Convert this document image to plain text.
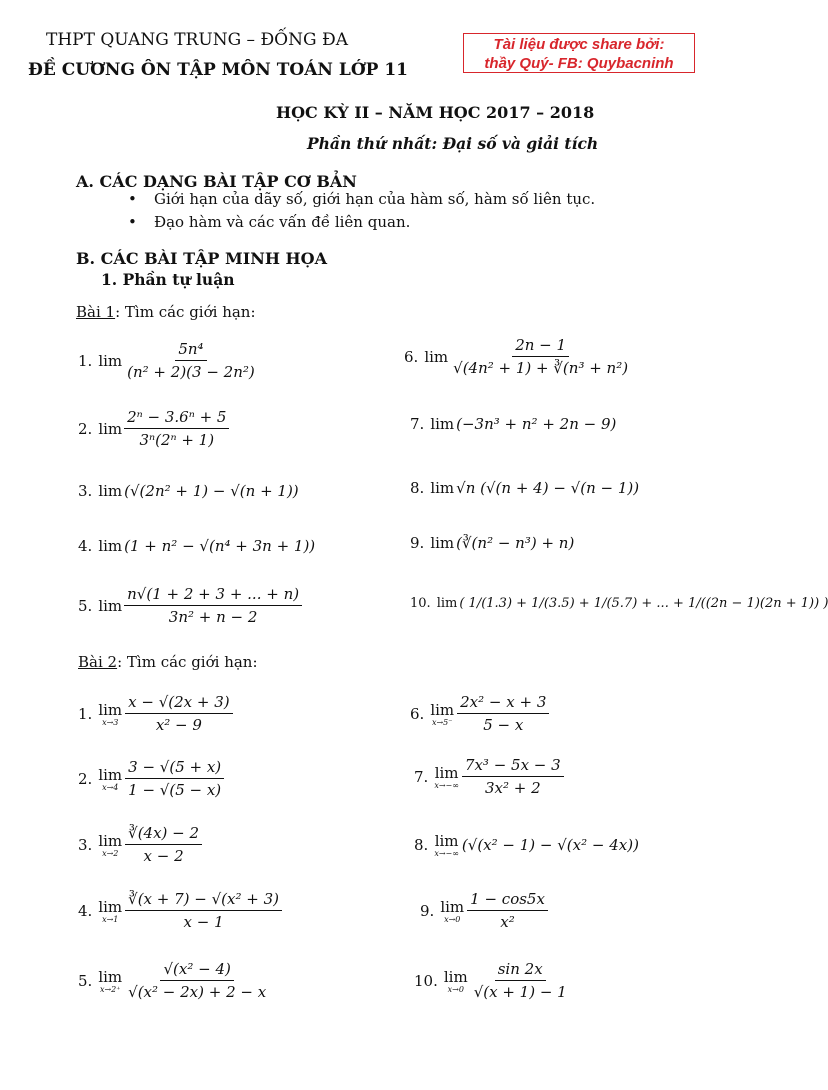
THPT QUANG TRUNG – ĐỐNG ĐA
ĐỀ CƯƠNG ÔN TẬP MÔN TOÁN LỚP 11
Tài liệu được share bởi:
thầy Quý- FB: Quybacninh
HỌC KỲ II – NĂM HỌC 2017 – 2018
Phần thứ nhất: Đại số và giải tích
A. CÁC DẠNG BÀI TẬP CƠ BẢN
• Giới hạn của dãy số, giới hạn của hàm số, hàm số liên tục.
• Đạo hàm và các vấn đề liên quan.
B. CÁC BÀI TẬP MINH HỌA
1. Phần tự luận
Bài 1: Tìm các giới hạn:
1. $\lim \frac{\text{5n⁴}}{\text{(n² + 2)(3 − 2n²)}}$
2. $\lim \frac{\text{2ⁿ − 3.6ⁿ + 5}}{\text{3ⁿ(2ⁿ + 1)}}$
3. lim (√(2n² + 1) − √(n + 1))
4. lim (1 + n² − √(n⁴ + 3n + 1))
5. $\lim \frac{n√(1 + 2 + 3 + ... + n)}{\text{3n² + n − 2}}$
6. $\lim \frac{2n - 1}{\text{√(4n² + 1) + ∛(n³ + n²)}}$
7. lim (−3n³ + n² + 2n − 9)
8. lim √n (√(n + 4) − √(n − 1))
9. lim (∛(n² − n³) + n)
10. lim ( 1/(1.3) + 1/(3.5) + 1/(5.7) + ... + 1/((2n − 1)(2n + 1)) )
Bài 2: Tìm các giới hạn:
1. lim
$x\to 3 \frac{x - √(2x + 3)}{\text{x² − 9}}$
2. lim
$x\to 4 \frac{3 - √(5 + x)}{1 - √(5 - x)}$
3. lim
$x\to 2 \frac{∛(4x) - 2}{x - 2}$
4. lim
$x\to 1 \frac{\text{∛(x + 7) − √(x² + 3)}}{x - 1}$
5. lim
$x\to 2^+ \frac{\text{√(x² − 4)}}{\text{√(x² − 2x) + 2 − x}}$
6. lim
$x\to 5^- \frac{\text{2x² − x + 3}}{5 - x}$
7. lim
$x\to-\infty \frac{\text{7x³ − 5x − 3}}{\text{3x² + 2}}$
8. lim
x→−∞ (√(x² − 1) − √(x² − 4x))
9. lim
$x\to 0 \frac{1 - \cos 5x}{\text{x²}}$
10. lim
$x\to 0 \frac{\sin 2x}{√(x + 1) - 1}$
